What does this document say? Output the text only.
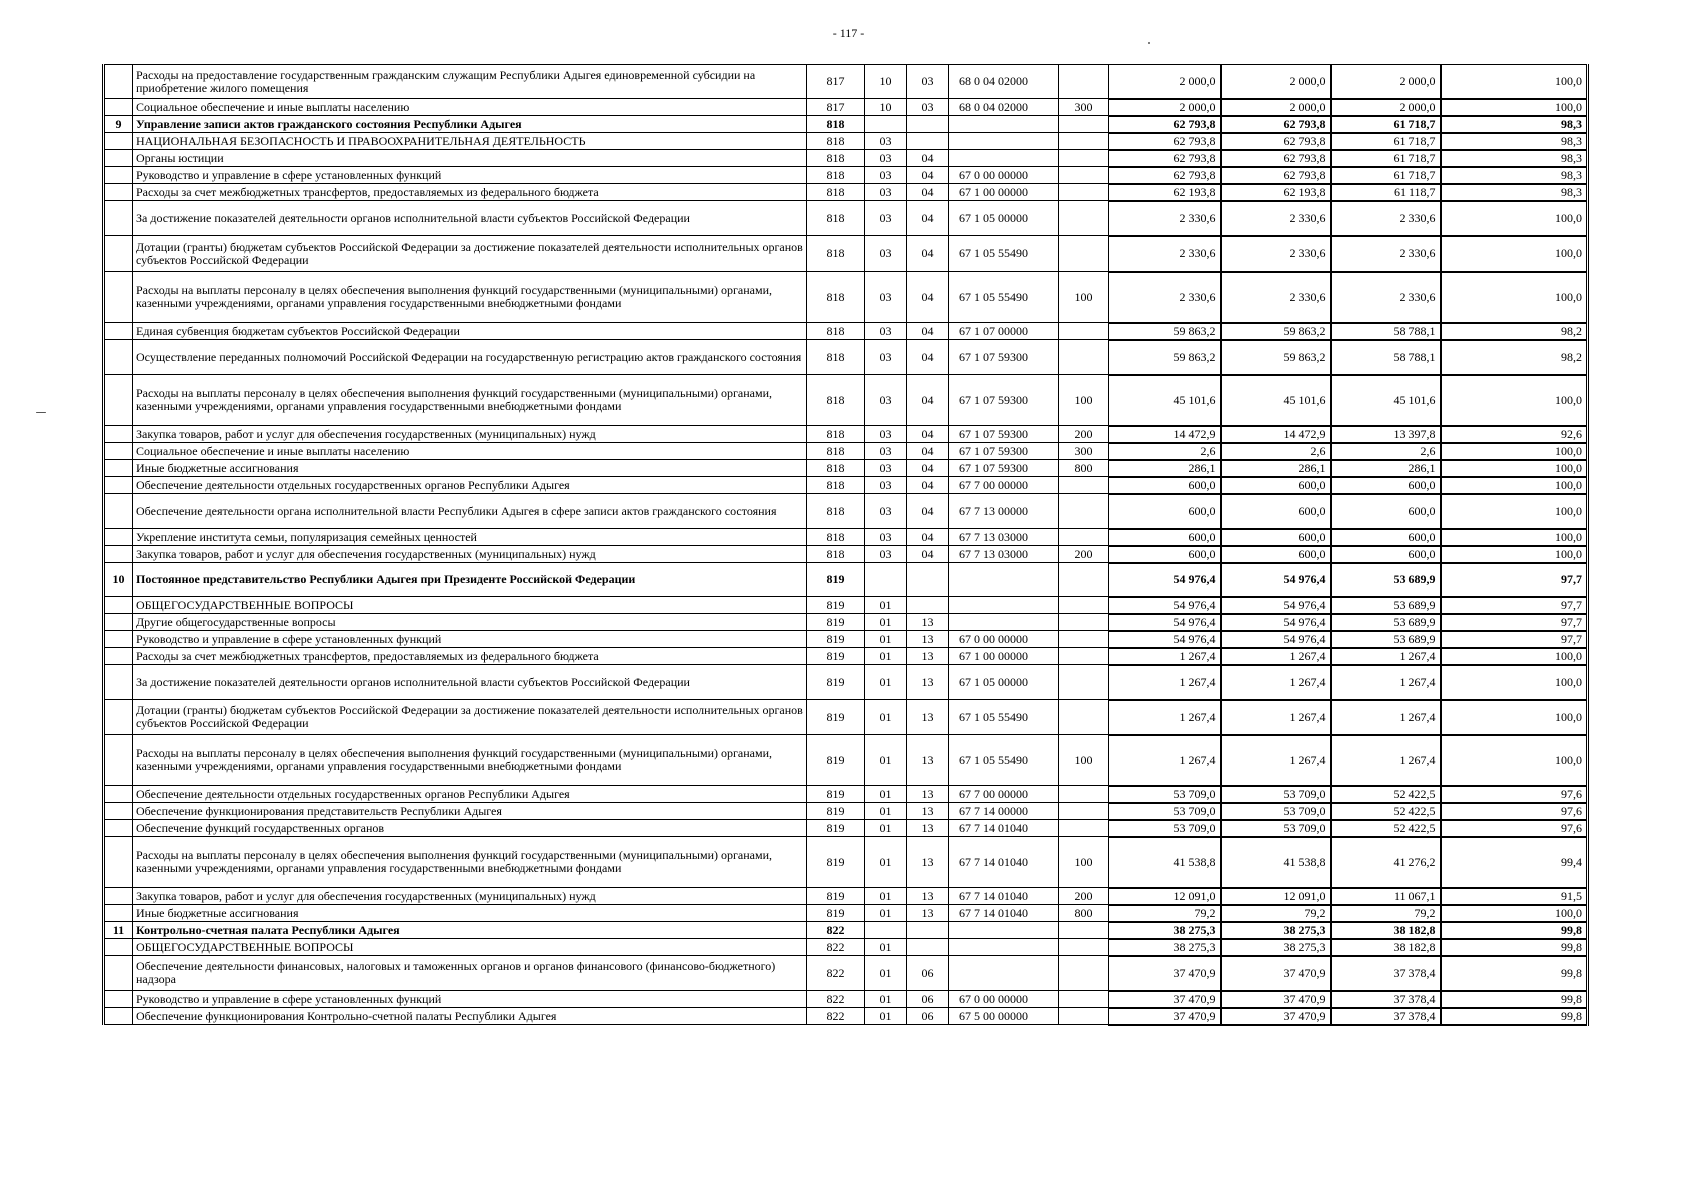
- 117 -
	Расходы на предоставление государственным гражданским служащим Республики Адыгея единовременной субсидии на приобретение жилого помещения	817	10	03	68 0 04 02000		2 000,0	2 000,0	2 000,0	100,0
	Социальное обеспечение и иные выплаты населению	817	10	03	68 0 04 02000	300	2 000,0	2 000,0	2 000,0	100,0
9	Управление записи актов гражданского состояния Республики Адыгея	818					62 793,8	62 793,8	61 718,7	98,3
	НАЦИОНАЛЬНАЯ БЕЗОПАСНОСТЬ И ПРАВООХРАНИТЕЛЬНАЯ ДЕЯТЕЛЬНОСТЬ	818	03				62 793,8	62 793,8	61 718,7	98,3
	Органы юстиции	818	03	04			62 793,8	62 793,8	61 718,7	98,3
	Руководство и управление в сфере установленных функций	818	03	04	67 0 00 00000		62 793,8	62 793,8	61 718,7	98,3
	Расходы за счет межбюджетных трансфертов, предоставляемых из федерального бюджета	818	03	04	67 1 00 00000		62 193,8	62 193,8	61 118,7	98,3
	За достижение показателей деятельности органов исполнительной власти субъектов Российской Федерации	818	03	04	67 1 05 00000		2 330,6	2 330,6	2 330,6	100,0
	Дотации (гранты) бюджетам субъектов Российской Федерации за достижение показателей деятельности исполнительных органов субъектов Российской Федерации	818	03	04	67 1 05 55490		2 330,6	2 330,6	2 330,6	100,0
	Расходы на выплаты персоналу в целях обеспечения выполнения функций государственными (муниципальными) органами, казенными учреждениями, органами управления государственными внебюджетными фондами	818	03	04	67 1 05 55490	100	2 330,6	2 330,6	2 330,6	100,0
	Единая субвенция бюджетам субъектов Российской Федерации	818	03	04	67 1 07 00000		59 863,2	59 863,2	58 788,1	98,2
	Осуществление переданных полномочий Российской Федерации на государственную регистрацию актов гражданского состояния	818	03	04	67 1 07 59300		59 863,2	59 863,2	58 788,1	98,2
	Расходы на выплаты персоналу в целях обеспечения выполнения функций государственными (муниципальными) органами, казенными учреждениями, органами управления государственными внебюджетными фондами	818	03	04	67 1 07 59300	100	45 101,6	45 101,6	45 101,6	100,0
	Закупка товаров, работ и услуг для обеспечения государственных (муниципальных) нужд	818	03	04	67 1 07 59300	200	14 472,9	14 472,9	13 397,8	92,6
	Социальное обеспечение и иные выплаты населению	818	03	04	67 1 07 59300	300	2,6	2,6	2,6	100,0
	Иные бюджетные ассигнования	818	03	04	67 1 07 59300	800	286,1	286,1	286,1	100,0
	Обеспечение деятельности отдельных государственных органов Республики Адыгея	818	03	04	67 7 00 00000		600,0	600,0	600,0	100,0
	Обеспечение деятельности органа исполнительной власти Республики Адыгея в сфере записи актов гражданского состояния	818	03	04	67 7 13 00000		600,0	600,0	600,0	100,0
	Укрепление института семьи, популяризация семейных ценностей	818	03	04	67 7 13 03000		600,0	600,0	600,0	100,0
	Закупка товаров, работ и услуг для обеспечения государственных (муниципальных) нужд	818	03	04	67 7 13 03000	200	600,0	600,0	600,0	100,0
10	Постоянное представительство Республики Адыгея при Президенте Российской Федерации	819					54 976,4	54 976,4	53 689,9	97,7
	ОБЩЕГОСУДАРСТВЕННЫЕ ВОПРОСЫ	819	01				54 976,4	54 976,4	53 689,9	97,7
	Другие общегосударственные вопросы	819	01	13			54 976,4	54 976,4	53 689,9	97,7
	Руководство и управление в сфере установленных функций	819	01	13	67 0 00 00000		54 976,4	54 976,4	53 689,9	97,7
	Расходы за счет межбюджетных трансфертов, предоставляемых из федерального бюджета	819	01	13	67 1 00 00000		1 267,4	1 267,4	1 267,4	100,0
	За достижение показателей деятельности органов исполнительной власти субъектов Российской Федерации	819	01	13	67 1 05 00000		1 267,4	1 267,4	1 267,4	100,0
	Дотации (гранты) бюджетам субъектов Российской Федерации за достижение показателей деятельности исполнительных органов субъектов Российской Федерации	819	01	13	67 1 05 55490		1 267,4	1 267,4	1 267,4	100,0
	Расходы на выплаты персоналу в целях обеспечения выполнения функций государственными (муниципальными) органами, казенными учреждениями, органами управления государственными внебюджетными фондами	819	01	13	67 1 05 55490	100	1 267,4	1 267,4	1 267,4	100,0
	Обеспечение деятельности отдельных государственных органов Республики Адыгея	819	01	13	67 7 00 00000		53 709,0	53 709,0	52 422,5	97,6
	Обеспечение функционирования представительств Республики Адыгея	819	01	13	67 7 14 00000		53 709,0	53 709,0	52 422,5	97,6
	Обеспечение функций государственных органов	819	01	13	67 7 14 01040		53 709,0	53 709,0	52 422,5	97,6
	Расходы на выплаты персоналу в целях обеспечения выполнения функций государственными (муниципальными) органами, казенными учреждениями, органами управления государственными внебюджетными фондами	819	01	13	67 7 14 01040	100	41 538,8	41 538,8	41 276,2	99,4
	Закупка товаров, работ и услуг для обеспечения государственных (муниципальных) нужд	819	01	13	67 7 14 01040	200	12 091,0	12 091,0	11 067,1	91,5
	Иные бюджетные ассигнования	819	01	13	67 7 14 01040	800	79,2	79,2	79,2	100,0
11	Контрольно-счетная палата Республики Адыгея	822					38 275,3	38 275,3	38 182,8	99,8
	ОБЩЕГОСУДАРСТВЕННЫЕ ВОПРОСЫ	822	01				38 275,3	38 275,3	38 182,8	99,8
	Обеспечение деятельности финансовых, налоговых и таможенных органов и органов финансового (финансово-бюджетного) надзора	822	01	06			37 470,9	37 470,9	37 378,4	99,8
	Руководство и управление в сфере установленных функций	822	01	06	67 0 00 00000		37 470,9	37 470,9	37 378,4	99,8
	Обеспечение функционирования Контрольно-счетной палаты Республики Адыгея	822	01	06	67 5 00 00000		37 470,9	37 470,9	37 378,4	99,8
